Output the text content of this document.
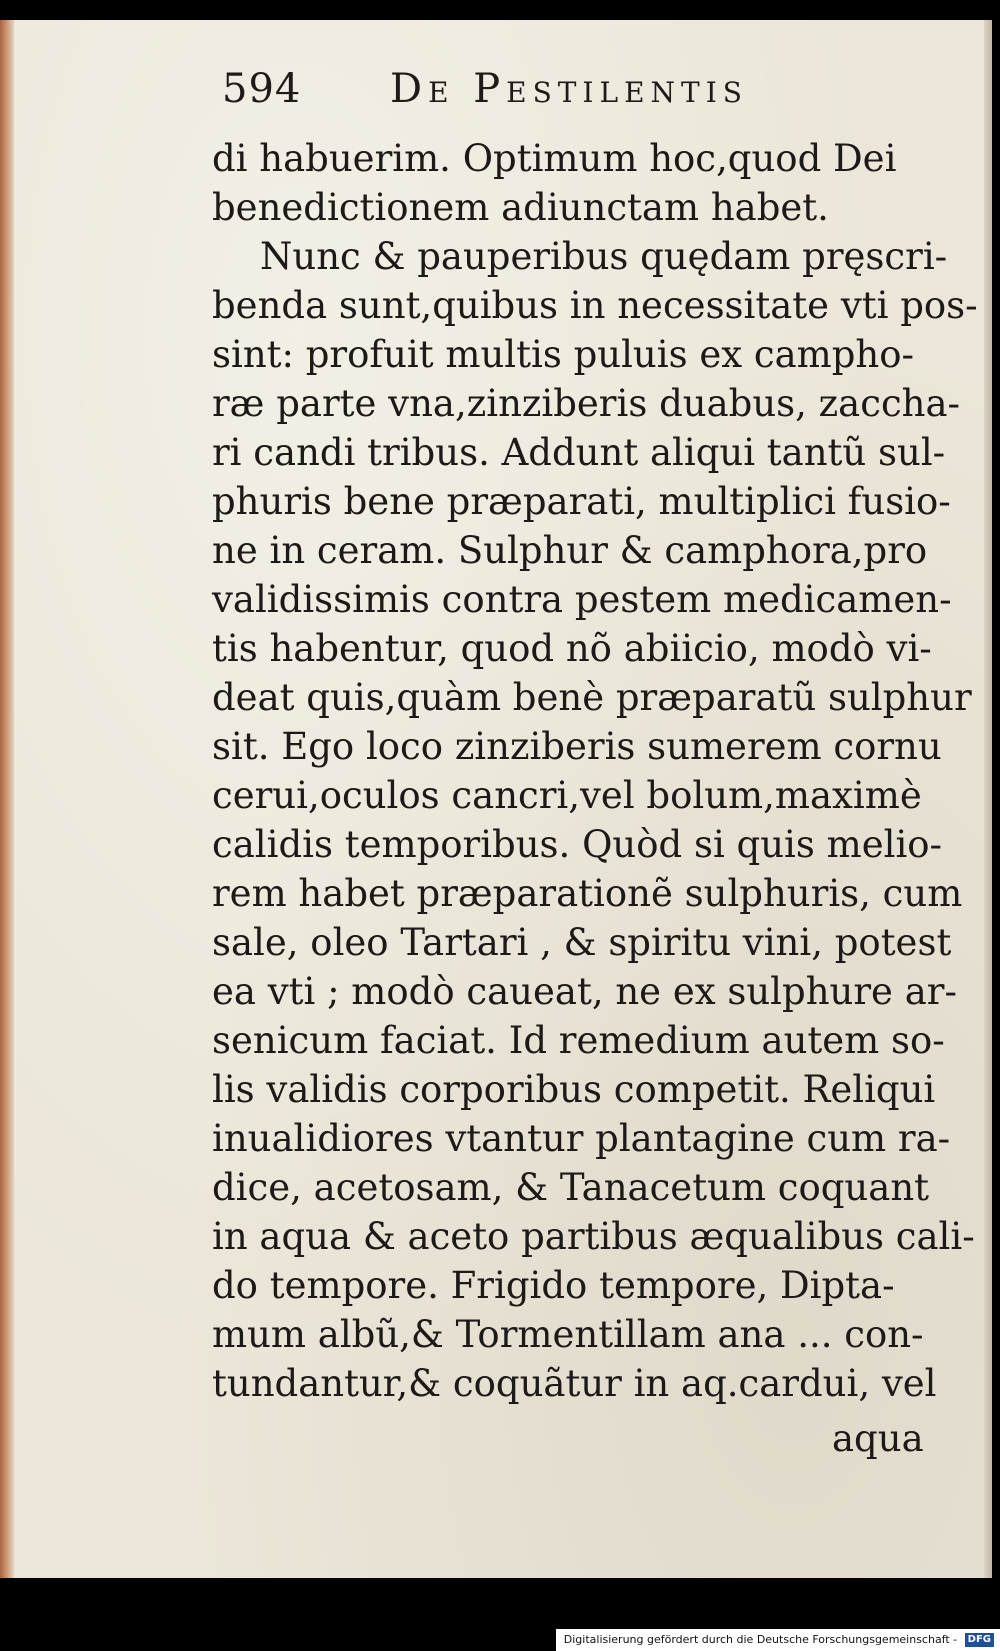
594 De Pestilentis
di habuerim. Optimum hoc,quod Dei
benedictionem adiunctam habet.
Nunc & pauperibus quędam pręscri-
benda sunt,quibus in necessitate vti pos-
sint: profuit multis puluis ex campho-
ræ parte vna,zinziberis duabus, zaccha-
ri candi tribus. Addunt aliqui tantũ sul-
phuris bene præparati, multiplici fusio-
ne in ceram. Sulphur & camphora,pro
validissimis contra pestem medicamen-
tis habentur, quod nõ abiicio, modò vi-
deat quis,quàm benè præparatũ sulphur
sit. Ego loco zinziberis sumerem cornu
cerui,oculos cancri,vel bolum,maximè
calidis temporibus. Quòd si quis melio-
rem habet præparationẽ sulphuris, cum
sale, oleo Tartari , & spiritu vini, potest
ea vti ; modò caueat, ne ex sulphure ar-
senicum faciat. Id remedium autem so-
lis validis corporibus competit. Reliqui
inualidiores vtantur plantagine cum ra-
dice, acetosam, & Tanacetum coquant
in aqua & aceto partibus æqualibus cali-
do tempore. Frigido tempore, Dipta-
mum albũ,& Tormentillam ana ... con-
tundantur,& coquãtur in aq.cardui, vel
aqua
Digitalisierung gefördert durch die Deutsche Forschungsgemeinschaft - DFG
